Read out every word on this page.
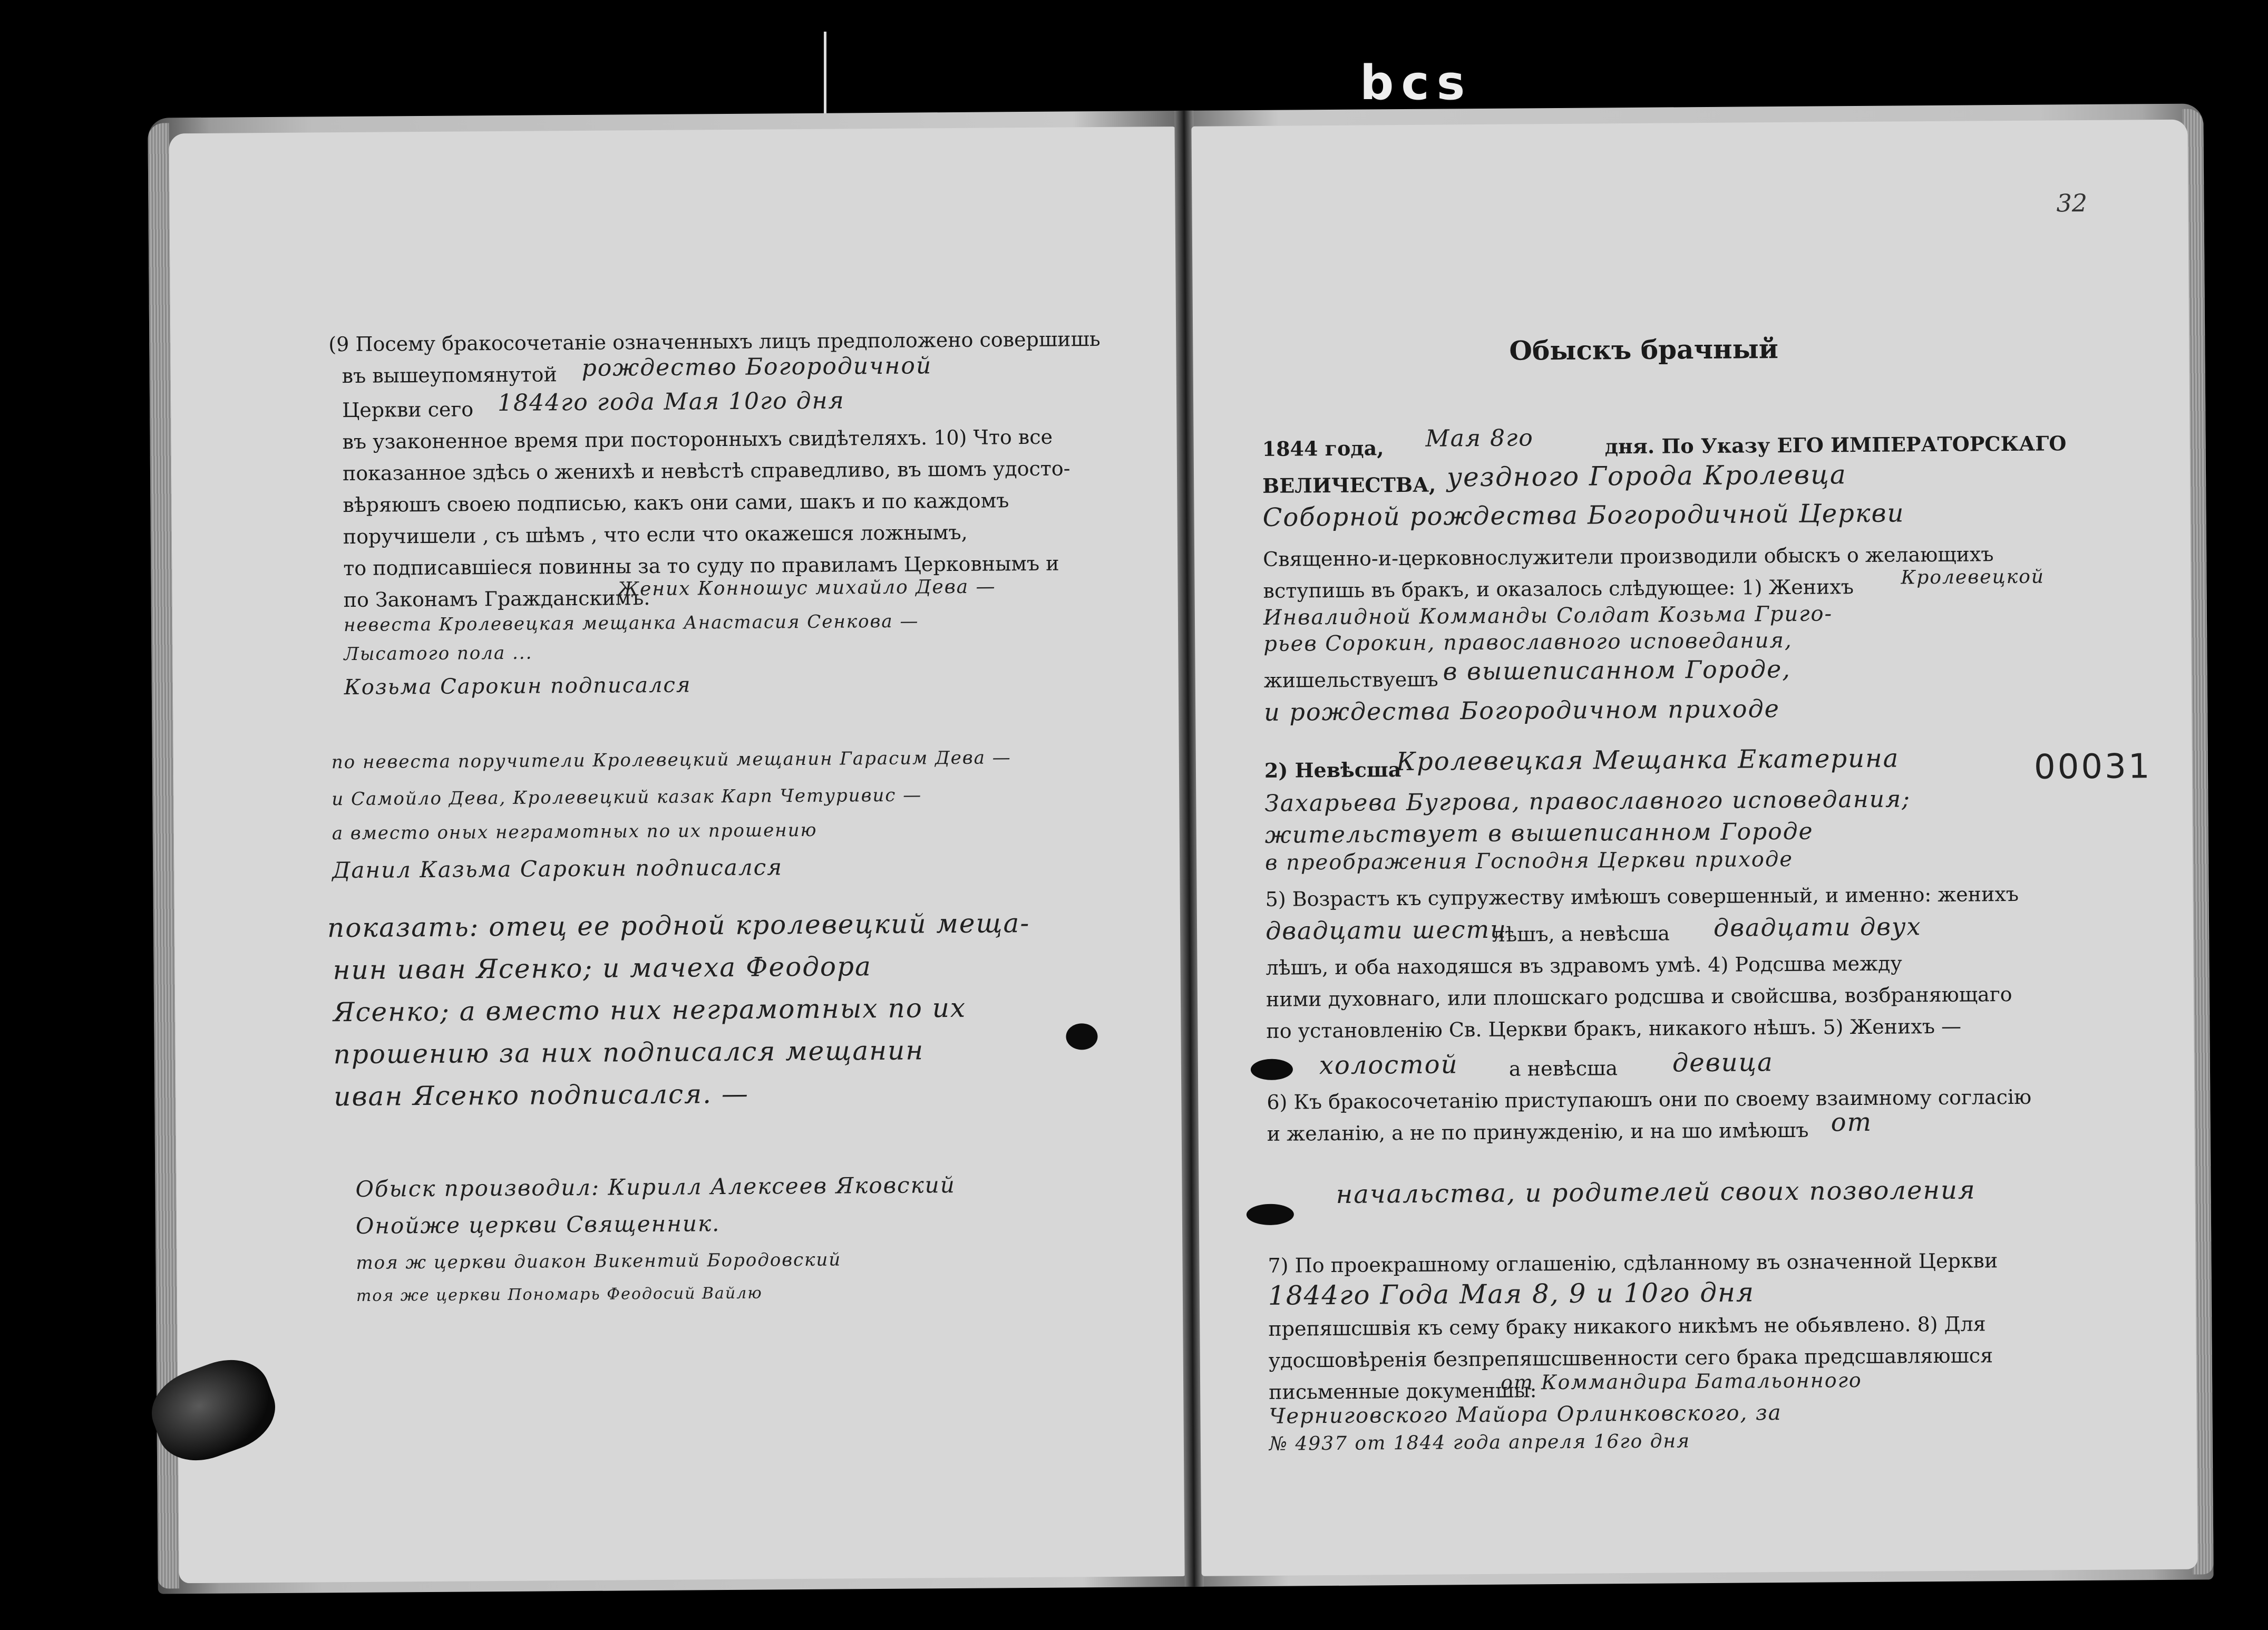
bcs
(9 Посему бракосочетаніе означенныхъ лицъ предположено совершишь
въ вышеупомянутой рождество Богородичной
Церкви сего 1844го года Мая 10го дня
въ узаконенное время при посторонныхъ свидѣтеляхъ. 10) Что все
показанное здѣсь о женихѣ и невѣстѣ справедливо, въ шомъ удосто-
вѣряюшъ своею подписью, какъ они сами, шакъ и по каждомъ
поручишели , съ шѣмъ , что если что окажешся ложнымъ,
то подписавшіеся повинны за то суду по правиламъ Церковнымъ и
по Законамъ Гражданскимъ.
Жених Конношус михайло Дева —
невеста Кролевецкая мещанка Анастасия Сенкова —
Лысатого пола ...
Козьма Сарокин подписался
по невеста поручители Кролевецкий мещанин Гарасим Дева —
и Самойло Дева, Кролевецкий казак Карп Четуривис —
а вместо оных неграмотных по их прошению
Данил Казьма Сарокин подписался
показать: отец ее родной кролевецкий меща-
нин иван Ясенко; и мачеха Феодора
Ясенко; а вместо них неграмотных по их
прошению за них подписался мещанин
иван Ясенко подписался. —
Обыск производил: Кирилл Алексеев Яковский
Онойже церкви Священник.
тоя ж церкви диакон Викентий Бородовский
тоя же церкви Пономарь Феодосий Вайлю
32
Обыскъ брачный
1844 года, Мая 8го	дня. По Указу ЕГО ИМПЕРАТОРСКАГО
ВЕЛИЧЕСТВА, уездного Города Кролевца
Соборной рождества Богородичной Церкви
Священно-и-церковнослужители производили обыскъ о желающихъ
вступишь въ бракъ, и оказалось слѣдующее: 1) Женихъ Кролевецкой
Инвалидной Комманды Солдат Козьма Григо-
рьев Сорокин, православного исповедания,
жишельствуешъ в вышеписанном Городе,
и рождества Богородичном приходе
2) Невѣсша
Кролевецкая Мещанка Екатерина	00031
Захарьева Бугрова, православного исповедания;
жительствует в вышеписанном Городе
в преображения Господня Церкви приходе
5) Возрастъ къ супружеству имѣюшъ совершенный, и именно: женихъ
двадцати шести
лѣшъ, а невѣсша двадцати двух
лѣшъ, и оба находяшся въ здравомъ умѣ. 4) Родсшва между
ними духовнаго, или плошскаго родсшва и свойсшва, возбраняющаго
по установленію Св. Церкви бракъ, никакого нѣшъ. 5) Женихъ —
холостой	а невѣсша девица
6) Къ бракосочетанію приступаюшъ они по своему взаимному согласію
и желанію, а не по принужденію, и на шо имѣюшъ от
начальства, и родителей своих позволения
7) По проекрашному оглашенію, сдѣланному въ означенной Церкви
1844го Года Мая 8, 9 и 10го дня
препяшсшвія къ сему браку никакого никѣмъ не обьявлено. 8) Для
удосшовѣренія безпрепяшсшвенности сего брака предсшавляюшся
письменные докуменшы:
от Коммандира Батальонного
Черниговского Майора Орлинковского, за
№ 4937 от 1844 года апреля 16го дня
